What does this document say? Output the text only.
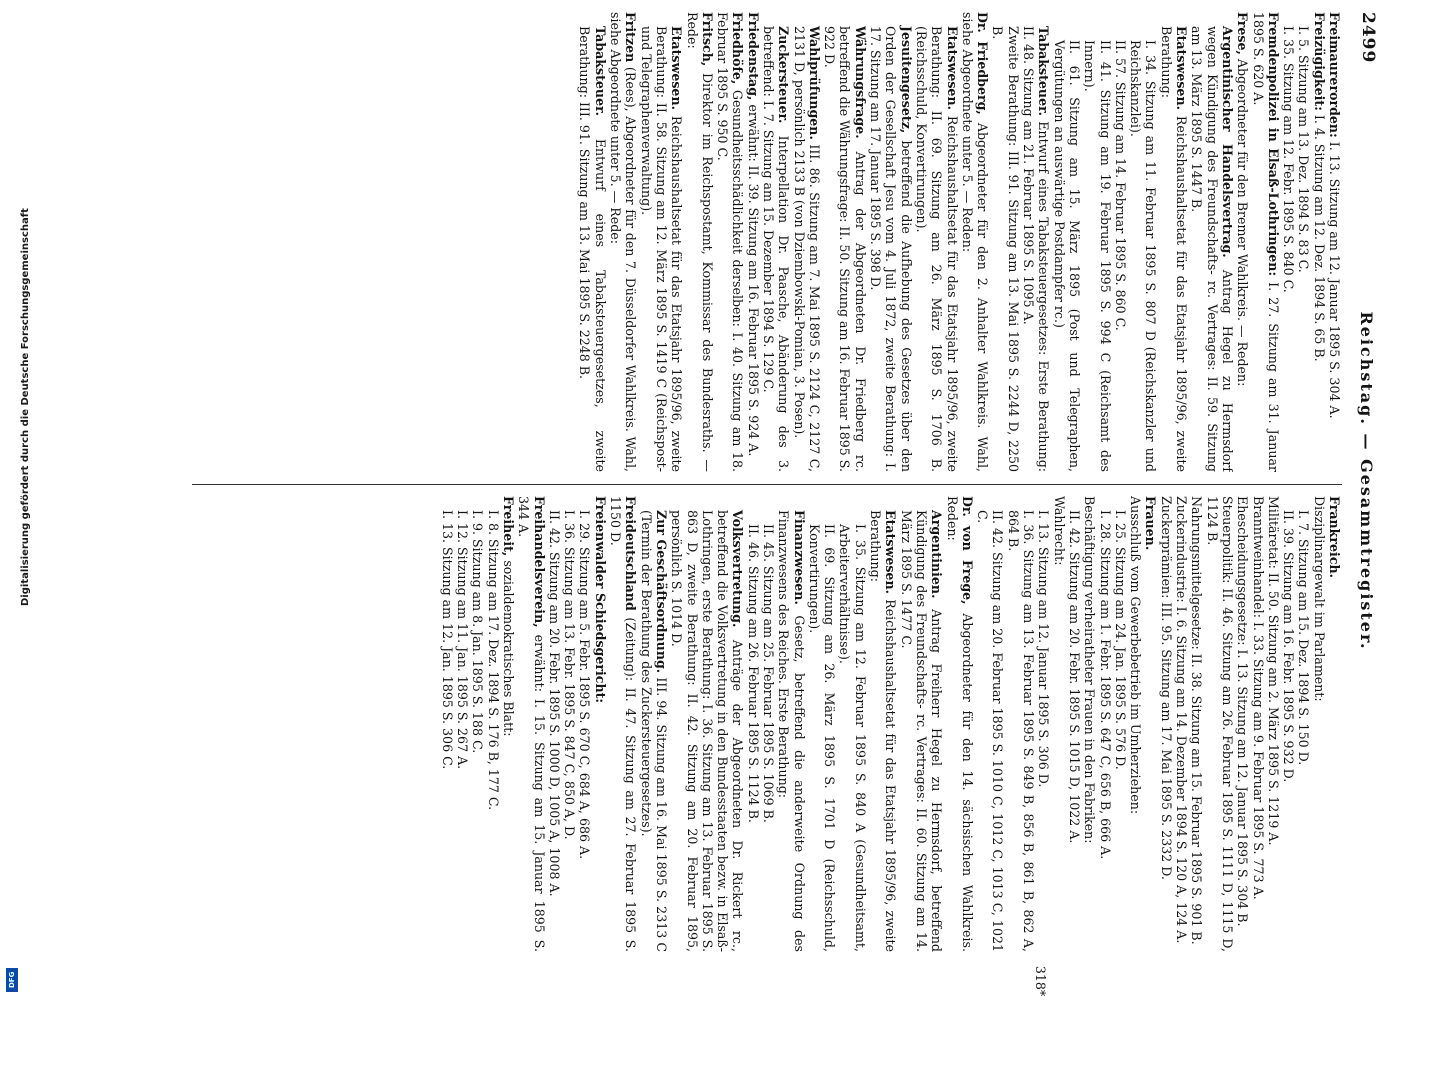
2499
Reichstag. — Gesammtregister.

Freimaurerorden: I. 13. Sitzung am 12. Januar 1895 S. 304 A.

Freizügigkeit: I. 4. Sitzung am 12. Dez. 1894 S. 65 B.

I. 5. Sitzung am 13. Dez. 1894 S. 83 C.

I. 35. Sitzung am 12. Febr. 1895 S. 840 C.

Fremdenpolizei in Elsaß-Lothringen: I. 27. Sitzung am 31. Januar 1895 S. 620 A.

Frese, Abgeordneter für den Bremer Wahlkreis. — Reden:

Argentinischer Handelsvertrag. Antrag Hegel zu Hermsdorf wegen Kündigung des Freundschafts- rc. Vertrages: II. 59. Sitzung am 13. März 1895 S. 1447 B.

Etatswesen. Reichshaushaltsetat für das Etatsjahr 1895/96, zweite Berathung:

I. 34. Sitzung am 11. Februar 1895 S. 807 D (Reichskanzler und Reichskanzlei).

II. 57. Sitzung am 14. Februar 1895 S. 860 C.

II. 41. Sitzung am 19. Februar 1895 S. 994 C (Reichsamt des Innern).

II. 61. Sitzung am 15. März 1895 (Post und Telegraphen, Vergütungen an auswärtige Postdampfer rc.)

Tabaksteuer. Entwurf eines Tabaksteuergesetzes: Erste Berathung: II. 48. Sitzung am 21. Februar 1895 S. 1095 A.

Zweite Berathung: III. 91. Sitzung am 13. Mai 1895 S. 2244 D, 2250 B.

Dr. Friedberg, Abgeordneter für den 2. Anhalter Wahlkreis. Wahl, siehe Abgeordnete unter 5. — Reden:

Etatswesen. Reichshaushaltsetat für das Etatsjahr 1895/96, zweite Berathung: II. 69. Sitzung am 26. März 1895 S. 1706 B. (Reichsschuld, Konvertirungen).

Jesuitengesetz, betreffend die Aufhebung des Gesetzes über den Orden der Gesellschaft Jesu vom 4. Juli 1872, zweite Berathung: I. 17. Sitzung am 17. Januar 1895 S. 398 D.

Währungsfrage. Antrag der Abgeordneten Dr. Friedberg rc. betreffend die Währungsfrage: II. 50. Sitzung am 16. Februar 1895 S. 922 D.

Wahlprüfungen. III. 86. Sitzung am 7. Mai 1895 S. 2124 C, 2127 C, 2131 D, persönlich 2133 B (von Dziembowski-Pomian, 3. Posen).

Zuckersteuer. Interpellation Dr. Paasche, Abänderung des 3. betreffend: I. 7. Sitzung am 15. Dezember 1894 S. 129 C.

Friedenstag, erwähnt: II. 39. Sitzung am 16. Februar 1895 S. 924 A.

Friedhöfe, Gesundheitsschädlichkeit derselben: I. 40. Sitzung am 18. Februar 1895 S. 950 C.

Fritsch, Direktor im Reichspostamt, Kommissar des Bundesraths. — Rede:

Etatswesen. Reichshaushaltsetat für das Etatsjahr 1895/96, zweite Berathung: II. 58. Sitzung am 12. März 1895 S. 1419 C (Reichspost- und Telegraphenverwaltung).

Fritzen (Rees), Abgeordneter für den 7. Düsseldorfer Wahlkreis. Wahl, siehe Abgeordnete unter 5. — Rede:

Tabaksteuer. Entwurf eines Tabaksteuergesetzes, zweite Berathung: III. 91. Sitzung am 13. Mai 1895 S. 2248 B.

Frankreich.

Disziplinargewalt im Parlament:

I. 7. Sitzung am 15. Dez. 1894 S. 150 D.

II. 39. Sitzung am 16. Febr. 1895 S. 932 D.

Militäretat: II. 50. Sitzung am 2. März 1895 S. 1219 A.

Branntweinhandel: I. 33. Sitzung am 9. Februar 1895 S. 773 A.

Ehescheidungsgesetze: I. 13. Sitzung am 12. Januar 1895 S. 304 B.

Steuerpolitik: II. 46. Sitzung am 26. Februar 1895 S. 1111 D, 1115 D, 1124 B.

Nahrungsmittelgesetze: II. 38. Sitzung am 15. Februar 1895 S. 901 B.

Zuckerindustrie: I. 6. Sitzung am 14. Dezember 1894 S. 120 A, 124 A.

Zuckerprämien: III. 95. Sitzung am 17. Mai 1895 S. 2332 D.

Frauen.

Ausschluß vom Gewerbebetrieb im Umherziehen:

I. 25. Sitzung am 24. Jan. 1895 S. 576 D.

I. 28. Sitzung am 1. Febr. 1895 S. 647 C, 656 B, 666 A.

Beschäftigung verheiratheter Frauen in den Fabriken:

II. 42. Sitzung am 20. Febr. 1895 S. 1015 D, 1022 A.

Wahlrecht:

I. 13. Sitzung am 12. Januar 1895 S. 306 D.

I. 36. Sitzung am 13. Februar 1895 S. 849 B, 856 B, 861 B, 862 A, 864 B.

II. 42. Sitzung am 20. Februar 1895 S. 1010 C, 1012 C, 1013 C, 1021 C.

Dr. von Frege, Abgeordneter für den 14. sächsischen Wahlkreis. Reden:

Argentinien. Antrag Freiherr Hegel zu Hermsdorf, betreffend Kündigung des Freundschafts- rc. Vertrages: II. 60. Sitzung am 14. März 1895 S. 1477 C.

Etatswesen. Reichshaushaltsetat für das Etatsjahr 1895/96, zweite Berathung:

I. 35. Sitzung am 12. Februar 1895 S. 840 A (Gesundheitsamt, Arbeiterverhältnisse).

II. 69. Sitzung am 26. März 1895 S. 1701 D (Reichsschuld, Konvertirungen).

Finanzwesen. Gesetz, betreffend die anderweite Ordnung des Finanzwesens des Reiches. Erste Berathung:

II. 45. Sitzung am 25. Februar 1895 S. 1069 B.

II. 46. Sitzung am 26. Februar 1895 S. 1124 B.

Volksvertretung. Anträge der Abgeordneten Dr. Rickert rc., betreffend die Volksvertretung in den Bundesstaaten bezw. in Elsaß-Lothringen, erste Berathung: I. 36. Sitzung am 13. Februar 1895 S. 863 D, zweite Berathung: II. 42. Sitzung am 20. Februar 1895, persönlich S. 1014 D.

Zur Geschäftsordnung. III. 94. Sitzung am 16. Mai 1895 S. 2313 C (Termin der Berathung des Zuckersteuergesetzes).

Freideutschland (Zeitung): II. 47. Sitzung am 27. Februar 1895 S. 1150 D.

Freienwalder Schiedsgericht:

I. 29. Sitzung am 5. Febr. 1895 S. 670 C, 684 A, 686 A.

I. 36. Sitzung am 13. Febr. 1895 S. 847 C, 850 A, D.

II. 42. Sitzung am 20. Febr. 1895 S. 1000 D, 1005 A, 1008 A.

Freihandelsverein, erwähnt: I. 15. Sitzung am 15. Januar 1895 S. 344 A.

Freiheit, sozialdemokratisches Blatt:

I. 8. Sitzung am 17. Dez. 1894 S. 176 B, 177 C.

I. 9. Sitzung am 8. Jan. 1895 S. 188 C.

I. 12. Sitzung am 11. Jan. 1895 S. 267 A.

I. 13. Sitzung am 12. Jan. 1895 S. 306 C.

318*
Digitalisierung gefördert durch die Deutsche Forschungsgemeinschaft
DFG
